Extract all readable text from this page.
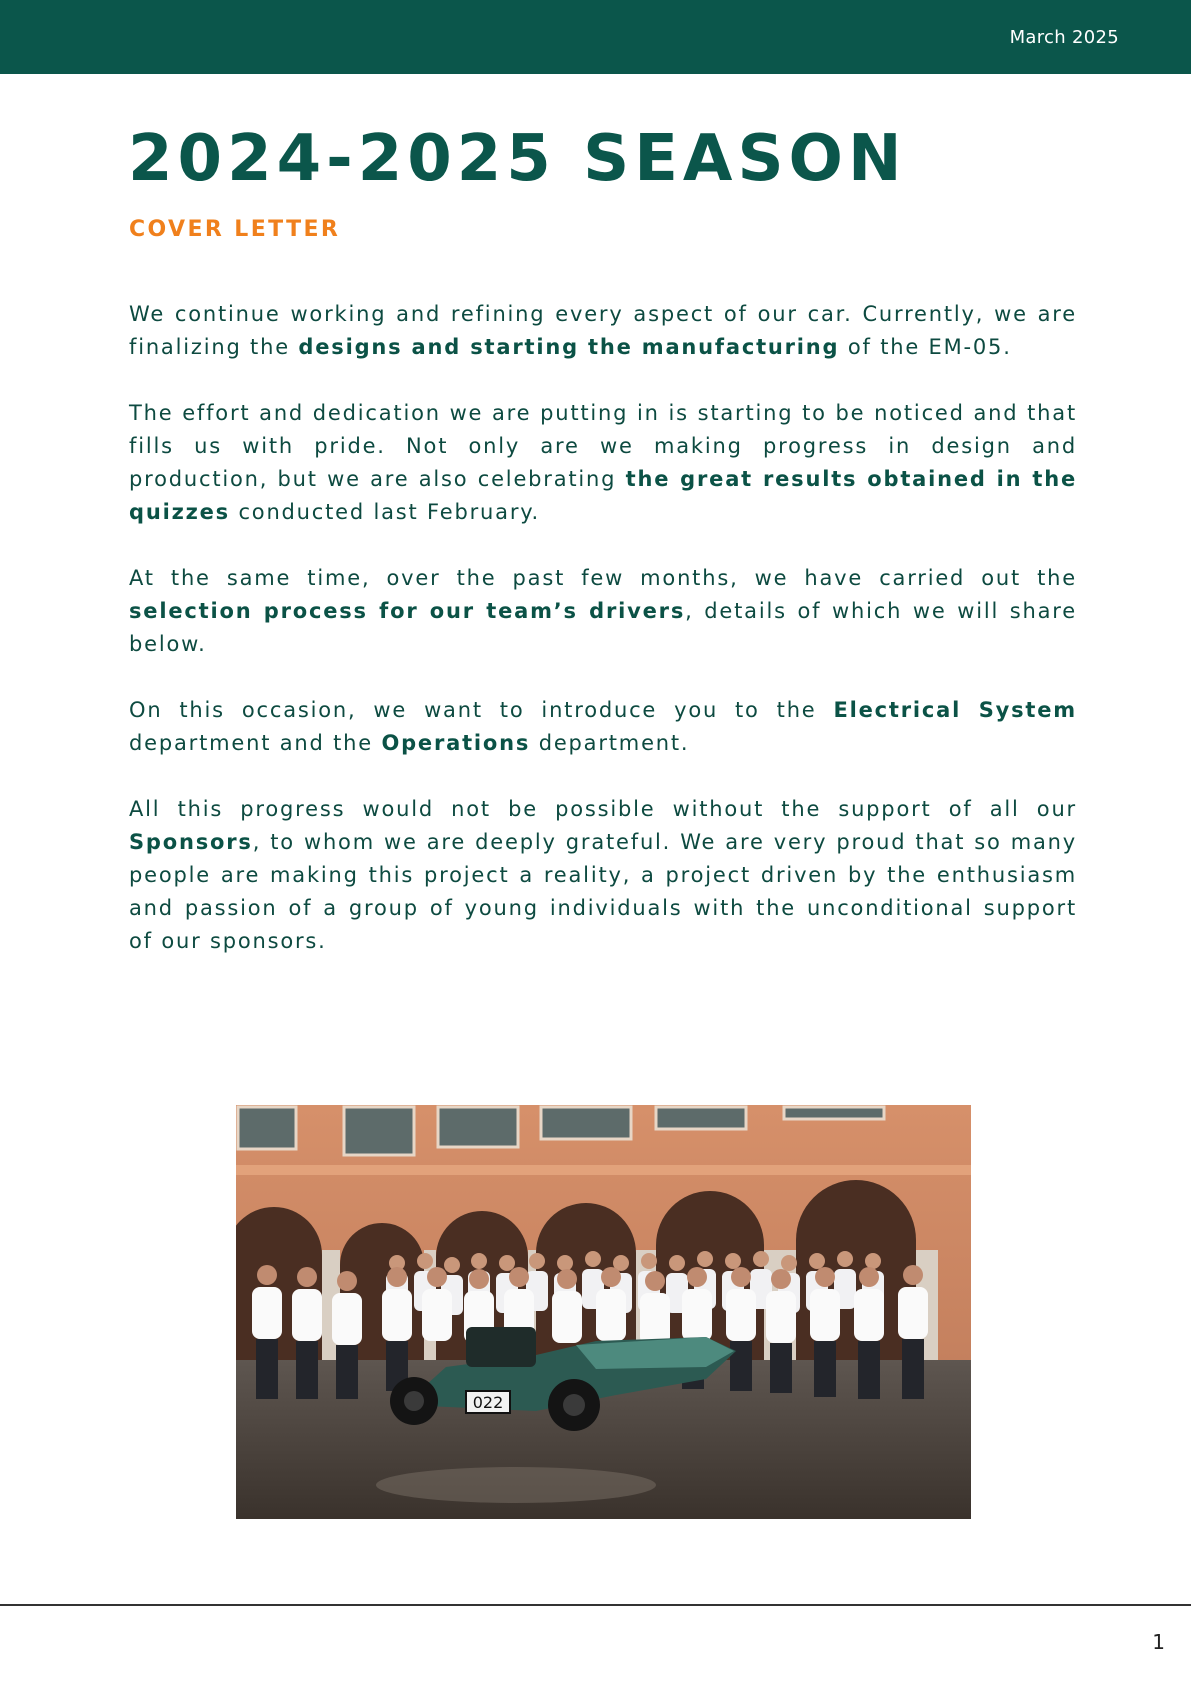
March 2025
2024-2025 SEASON
COVER LETTER

We continue working and refining every aspect of our car. Currently, we are finalizing the designs and starting the manufacturing of the EM-05.

The effort and dedication we are putting in is starting to be noticed and that fills us with pride. Not only are we making progress in design and production, but we are also celebrating the great results obtained in the quizzes conducted last February.

At the same time, over the past few months, we have carried out the selection process for our team’s drivers, details of which we will share below.

On this occasion, we want to introduce you to the Electrical System department and the Operations department.

All this progress would not be possible without the support of all our Sponsors, to whom we are deeply grateful. We are very proud that so many people are making this project a reality, a project driven by the enthusiasm and passion of a group of young individuals with the unconditional support of our sponsors.

022
1
